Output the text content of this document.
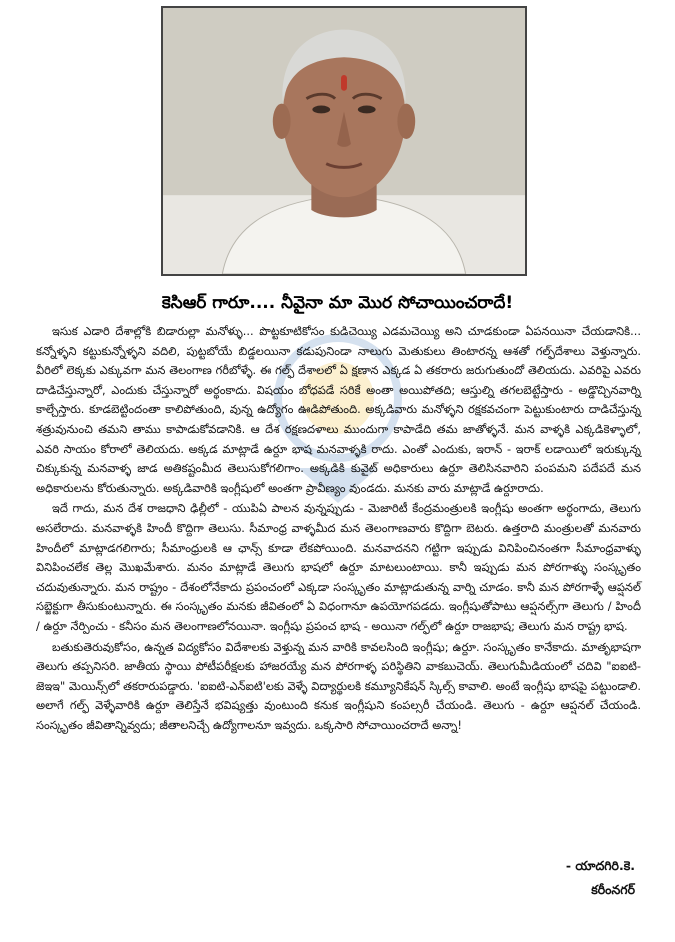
కెసిఆర్ గారూ.... నీవైనా మా మొర సోచాయించరాదే!

ఇసుక ఎడారి దేశాల్లోకి బిడారుల్లా మనోళ్ళు... పొట్టకూటికోసం కుడిచెయ్యి ఎడమచెయ్యి అని చూడకుండా ఏపనయినా చేయడానికి... కన్నోళ్ళని కట్టుకున్నోళ్ళని వదిలి, పుట్టబోయే బిడ్డలయినా కడుపునిండా నాలుగు మెతుకులు తింటారన్న ఆశతో గల్ఫ్‌దేశాలు వెళ్తున్నారు. వీరిలో లెక్కకు ఎక్కువగా మన తెలంగాణ గరీబోళ్ళే. ఈ గల్ఫ్ దేశాలలో ఏ క్షణాన ఎక్కడ ఏ తకరారు జరుగుతుందో తెలియదు. ఎవరిపై ఎవరు దాడిచేస్తున్నారో, ఎందుకు చేస్తున్నారో అర్థంకాదు. విషయం బోధపడే సరికే అంతా అయిపోతది; ఆస్తుల్ని తగలబెట్టేస్తారు - అడ్డొచ్చినవార్ని కాల్చేస్తారు. కూడబెట్టిందంతా కాలిపోతుంది, వున్న ఉద్యోగం ఊడిపోతుంది. అక్కడివారు మనోళ్ళని రక్షకవచంగా పెట్టుకుంటారు దాడిచేస్తున్న శత్రువునుంచి తమని తాము కాపాడుకోవడానికి. ఆ దేశ రక్షణదళాలు ముందుగా కాపాడేది తమ జాతోళ్ళనే. మన వాళ్ళకి ఎక్కడికెళ్ళాలో, ఎవరి సాయం కోరాలో తెలియదు. అక్కడ మాట్లాడే ఉర్దూ భాష మనవాళ్ళకి రాదు. ఎంతో ఎందుకు, ఇరాన్ - ఇరాక్ లడాయిలో ఇరుక్కున్న చిక్కుకున్న మనవాళ్ళ జాడ అతికష్టంమీద తెలుసుకోగలిగాం. అక్కడికి కువైట్ అధికారులు ఉర్దూ తెలిసినవారిని పంపమని పదేపదే మన అధికారులను కోరుతున్నారు. అక్కడివారికి ఇంగ్లీషులో అంతగా ప్రావీణ్యం వుండదు. మనకు వారు మాట్లాడే ఉర్దూరాదు.

ఇదే గాదు, మన దేశ రాజధాని ఢిల్లీలో - యుపిఏ పాలన వున్నప్పుడు - మెజారిటీ కేంద్రమంత్రులకి ఇంగ్లీషు అంతగా అర్థంగాదు, తెలుగు అసలేరాదు. మనవాళ్ళకి హిందీ కొద్దిగా తెలుసు. సీమాంధ్ర వాళ్ళమీద మన తెలంగాణవారు కొద్దిగా బెటరు. ఉత్తరాది మంత్రులతో మనవారు హిందీలో మాట్లాడగలిగారు; సీమాంధ్రులకి ఆ ఛాన్స్ కూడా లేకపోయింది. మనవాదనని గట్టిగా ఇప్పుడు వినిపించినంతగా సీమాంధ్రవాళ్ళు వినిపించలేక తెల్ల మొఖమేశారు. మనం మాట్లాడే తెలుగు భాషలో ఉర్దూ మాటలుంటాయి. కానీ ఇప్పుడు మన పోరగాళ్ళు సంస్కృతం చదువుతున్నారు. మన రాష్ట్రం - దేశంలోనేకాదు ప్రపంచంలో ఎక్కడా సంస్కృతం మాట్లాడుతున్న వార్ని చూడం. కానీ మన పోరగాళ్ళే ఆప్షనల్ సబ్జెక్టుగా తీసుకుంటున్నారు. ఈ సంస్కృతం మనకు జీవితంలో ఏ విధంగానూ ఉపయోగపడదు. ఇంగ్లీషుతోపాటు ఆప్షనల్స్‌గా తెలుగు / హిందీ / ఉర్దూ నేర్పించు - కనీసం మన తెలంగాణలోనయినా. ఇంగ్లీషు ప్రపంచ భాష - అయినా గల్ఫ్‌లో ఉర్దూ రాజభాష; తెలుగు మన రాష్ట్ర భాష.

బతుకుతెరువుకోసం, ఉన్నత విద్యకోసం విదేశాలకు వెళ్తున్న మన వారికి కావలసింది ఇంగ్లీషు; ఉర్దూ. సంస్కృతం కానేకాదు. మాతృభాషగా తెలుగు తప్పనిసరి. జాతీయ స్థాయి పోటీపరీక్షలకు హాజరయ్యే మన పోరగాళ్ళ పరిస్థితిని వాకబుచెయ్. తెలుగుమీడియంలో చదివి "ఐఐటి-జెఇఇ" మెయిన్స్‌లో తకరారుపడ్డారు. 'ఐఐటి-ఎన్ఐటి'లకు వెళ్ళే విద్యార్థులకి కమ్యూనికేషన్ స్కిల్స్ కావాలి. అంటే ఇంగ్లీషు భాషపై పట్టుండాలి. అలాగే గల్ఫ్ వెళ్ళేవారికి ఉర్దూ తెలిస్తేనే భవిష్యత్తు వుంటుంది కనుక ఇంగ్లీషుని కంపల్సరీ చేయండి. తెలుగు - ఉర్దూ ఆప్షనల్ చేయండి. సంస్కృతం జీవితాన్నివ్వదు; జీతాలనిచ్చే ఉద్యోగాలనూ ఇవ్వదు. ఒక్కసారి సోచాయించరాదే అన్నా!

- యాదగిరి.కె.
కరీంనగర్
